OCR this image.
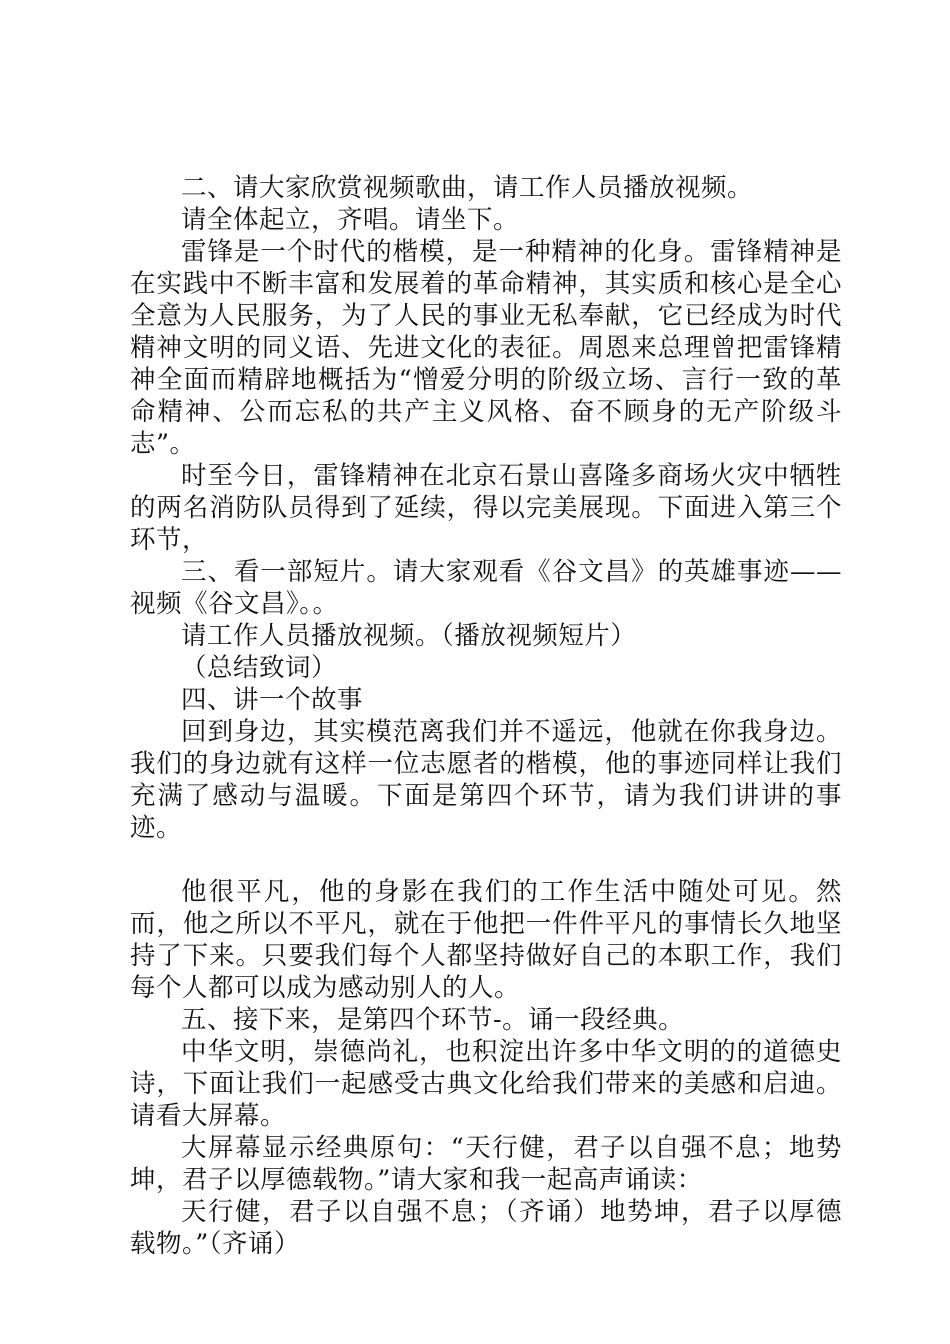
二、请大家欣赏视频歌曲，请工作人员播放视频。

请全体起立，齐唱。请坐下。

雷锋是一个时代的楷模，是一种精神的化身。雷锋精神是在实践中不断丰富和发展着的革命精神，其实质和核心是全心全意为人民服务，为了人民的事业无私奉献，它已经成为时代精神文明的同义语、先进文化的表征。周恩来总理曾把雷锋精神全面而精辟地概括为“憎爱分明的阶级立场、言行一致的革命精神、公而忘私的共产主义风格、奋不顾身的无产阶级斗志”。

时至今日，雷锋精神在北京石景山喜隆多商场火灾中牺牲的两名消防队员得到了延续，得以完美展现。下面进入第三个环节，

三、看一部短片。请大家观看《谷文昌》的英雄事迹——视频《谷文昌》。。

请工作人员播放视频。（播放视频短片）

（总结致词）

四、讲一个故事

回到身边，其实模范离我们并不遥远，他就在你我身边。我们的身边就有这样一位志愿者的楷模，他的事迹同样让我们充满了感动与温暖。下面是第四个环节，请为我们讲讲的事迹。

他很平凡，他的身影在我们的工作生活中随处可见。然而，他之所以不平凡，就在于他把一件件平凡的事情长久地坚持了下来。只要我们每个人都坚持做好自己的本职工作，我们每个人都可以成为感动别人的人。

五、接下来，是第四个环节-。诵一段经典。

中华文明，崇德尚礼，也积淀出许多中华文明的的道德史诗，下面让我们一起感受古典文化给我们带来的美感和启迪。请看大屏幕。

大屏幕显示经典原句：“天行健，君子以自强不息；地势坤，君子以厚德载物。”请大家和我一起高声诵读：

天行健，君子以自强不息；（齐诵）地势坤，君子以厚德载物。”（齐诵）
